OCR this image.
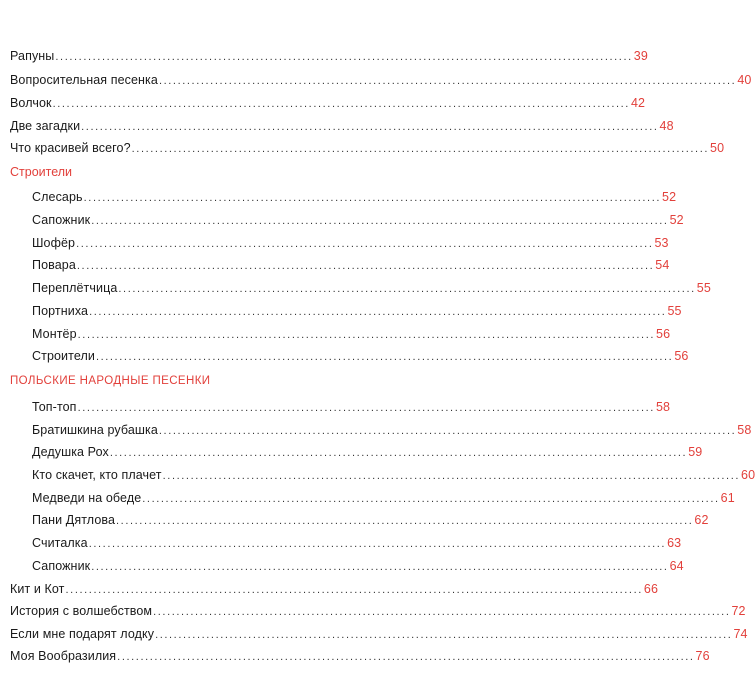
Рапуны ............................................................................................................................ 39
Вопросительная песенка ............................................................................................................................ 40
Волчок ............................................................................................................................ 42
Две загадки ............................................................................................................................ 48
Что красивей всего? ............................................................................................................................ 50
Строители
Слесарь ............................................................................................................................ 52
Сапожник ............................................................................................................................ 52
Шофёр ............................................................................................................................ 53
Повара ............................................................................................................................ 54
Переплётчица ............................................................................................................................ 55
Портниха ............................................................................................................................ 55
Монтёр ............................................................................................................................ 56
Строители ............................................................................................................................ 56
ПОЛЬСКИЕ НАРОДНЫЕ ПЕСЕНКИ
Топ-топ ............................................................................................................................ 58
Братишкина рубашка ............................................................................................................................ 58
Дедушка Рох ............................................................................................................................ 59
Кто скачет, кто плачет ............................................................................................................................ 60
Медведи на обеде ............................................................................................................................ 61
Пани Дятлова ............................................................................................................................ 62
Считалка ............................................................................................................................ 63
Сапожник ............................................................................................................................ 64
Кит и Кот ............................................................................................................................ 66
История с волшебством ............................................................................................................................ 72
Если мне подарят лодку ............................................................................................................................ 74
Моя Вообразилия ............................................................................................................................ 76
